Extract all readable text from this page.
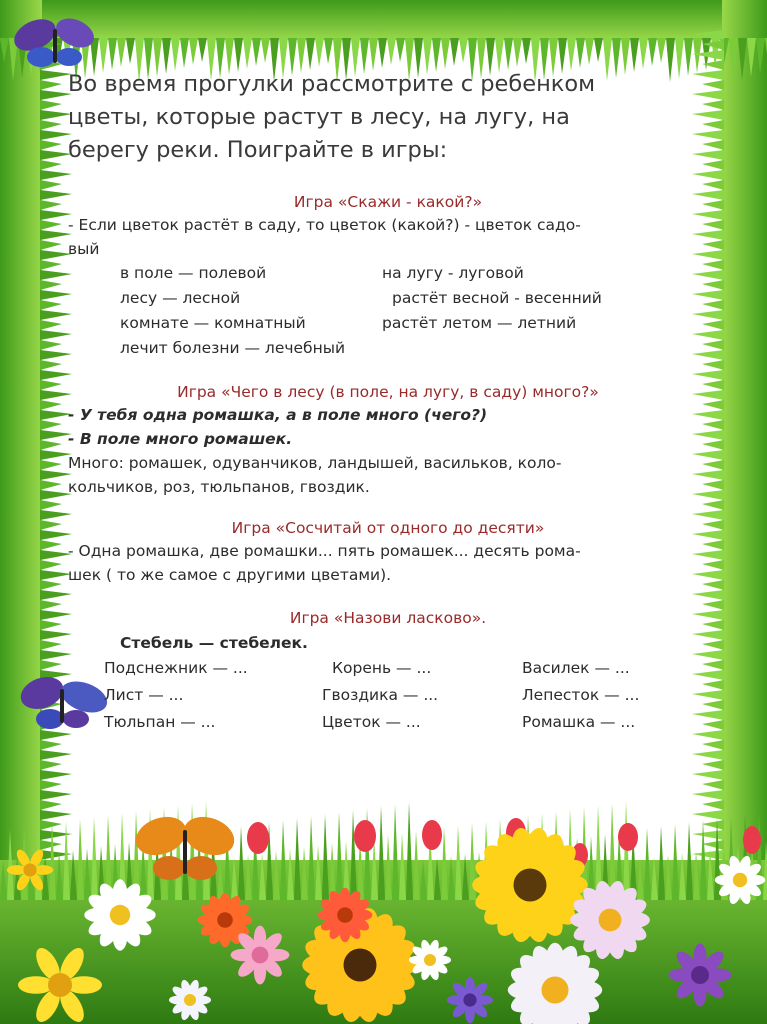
Во время прогулки рассмотрите с ребенком
цветы, которые растут в лесу, на лугу, на
берегу реки. Поиграйте в игры:

Игра «Скажи - какой?»

- Если цветок растёт в саду, то цветок (какой?) - цветок садо-

вый

в поле — полевой	на лугу - луговой
лесу — лесной	растёт весной - весенний
комнате — комнатный	растёт летом — летний
лечит болезни — лечебный

Игра «Чего в лесу (в поле, на лугу, в саду) много?»

- У тебя одна ромашка, а в поле много (чего?)

- В поле много ромашек.

Много: ромашек, одуванчиков, ландышей, васильков, коло-

кольчиков, роз, тюльпанов, гвоздик.

Игра «Сосчитай от одного до десяти»

- Одна ромашка, две ромашки... пять ромашек... десять рома-

шек ( то же самое с другими цветами).

Игра «Назови ласково».

Стебель — стебелек.

Подснежник — ...	Корень — ...	Василек — ...
Лист — ...	Гвоздика — ...	Лепесток — ...
Тюльпан — ...	Цветок — ...	Ромашка — ...
